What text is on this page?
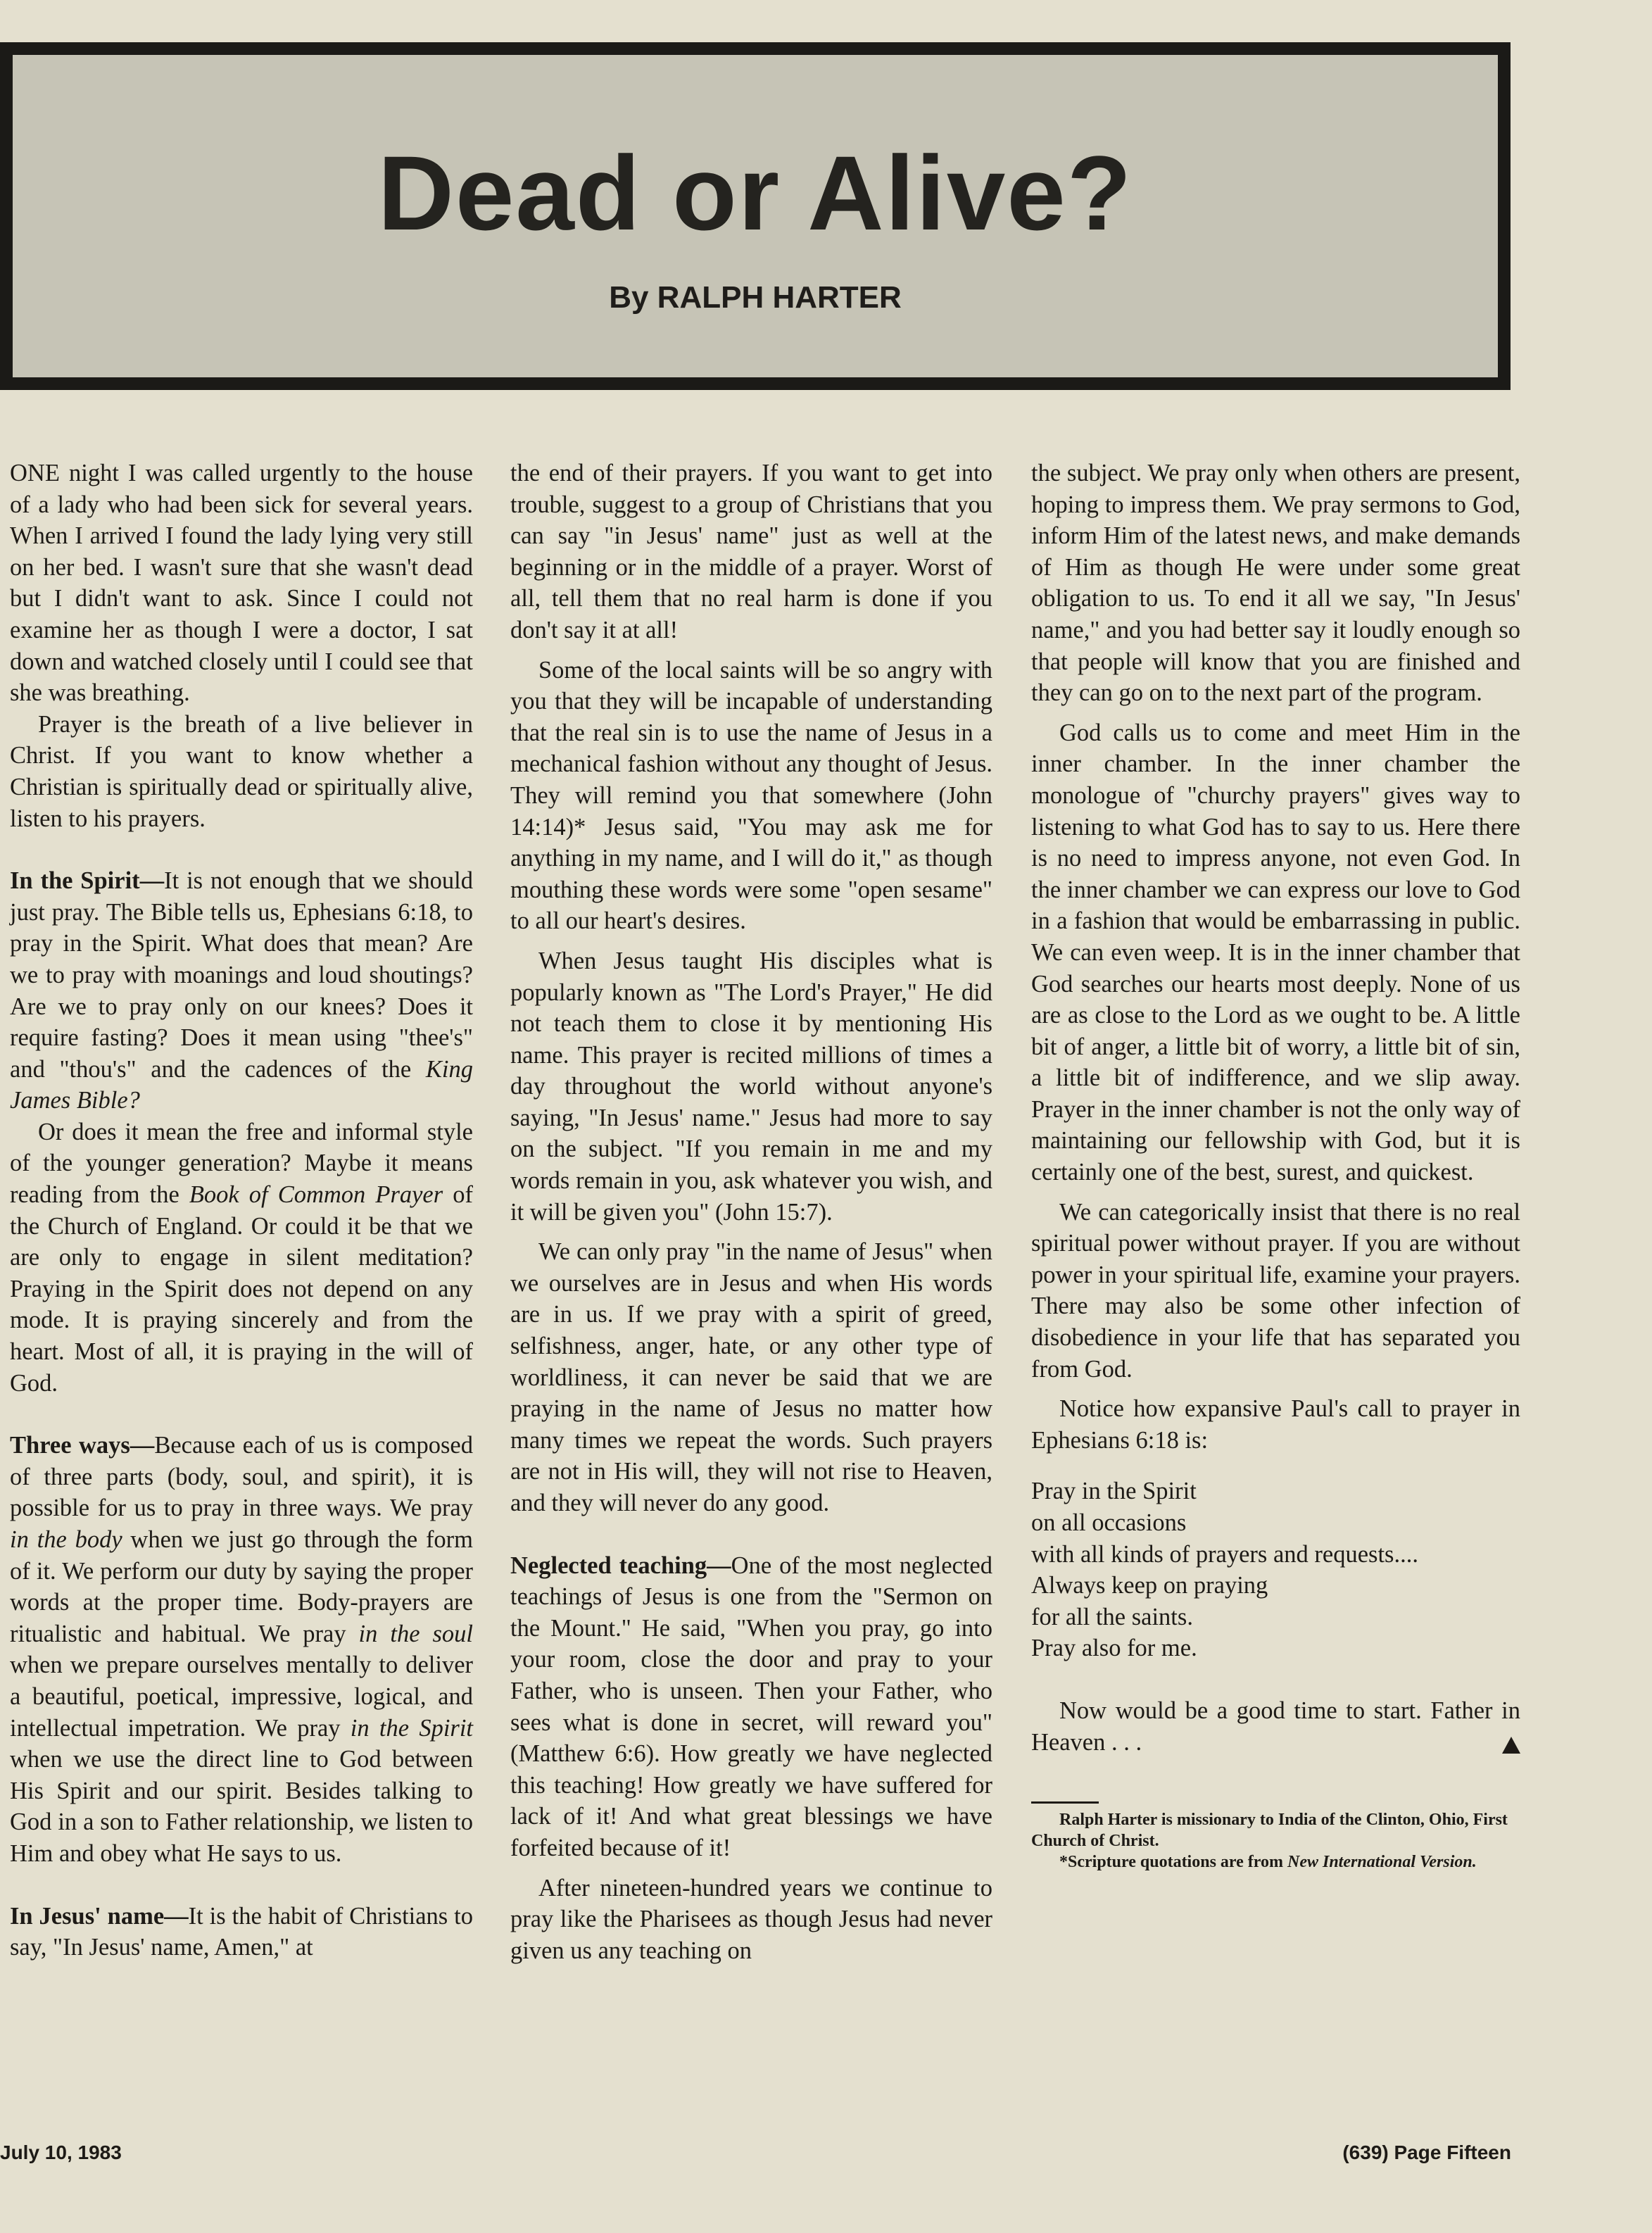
Dead or Alive?

By RALPH HARTER

ONE night I was called urgently to the house of a lady who had been sick for several years. When I arrived I found the lady lying very still on her bed. I wasn't sure that she wasn't dead but I didn't want to ask. Since I could not examine her as though I were a doctor, I sat down and watched closely until I could see that she was breathing.

Prayer is the breath of a live believer in Christ. If you want to know whether a Christian is spiritually dead or spiritually alive, listen to his prayers.

In the Spirit—It is not enough that we should just pray. The Bible tells us, Ephesians 6:18, to pray in the Spirit. What does that mean? Are we to pray with moanings and loud shoutings? Are we to pray only on our knees? Does it require fasting? Does it mean using "thee's" and "thou's" and the cadences of the King James Bible?

Or does it mean the free and informal style of the younger generation? Maybe it means reading from the Book of Common Prayer of the Church of England. Or could it be that we are only to engage in silent meditation? Praying in the Spirit does not depend on any mode. It is praying sincerely and from the heart. Most of all, it is praying in the will of God.

Three ways—Because each of us is composed of three parts (body, soul, and spirit), it is possible for us to pray in three ways. We pray in the body when we just go through the form of it. We perform our duty by saying the proper words at the proper time. Body-prayers are ritualistic and habitual. We pray in the soul when we prepare ourselves mentally to deliver a beautiful, poetical, impressive, logical, and intellectual impetration. We pray in the Spirit when we use the direct line to God between His Spirit and our spirit. Besides talking to God in a son to Father relationship, we listen to Him and obey what He says to us.

In Jesus' name—It is the habit of Christians to say, "In Jesus' name, Amen," at

the end of their prayers. If you want to get into trouble, suggest to a group of Christians that you can say "in Jesus' name" just as well at the beginning or in the middle of a prayer. Worst of all, tell them that no real harm is done if you don't say it at all!

Some of the local saints will be so angry with you that they will be incapable of understanding that the real sin is to use the name of Jesus in a mechanical fashion without any thought of Jesus. They will remind you that somewhere (John 14:14)* Jesus said, "You may ask me for anything in my name, and I will do it," as though mouthing these words were some "open sesame" to all our heart's desires.

When Jesus taught His disciples what is popularly known as "The Lord's Prayer," He did not teach them to close it by mentioning His name. This prayer is recited millions of times a day throughout the world without anyone's saying, "In Jesus' name." Jesus had more to say on the subject. "If you remain in me and my words remain in you, ask whatever you wish, and it will be given you" (John 15:7).

We can only pray "in the name of Jesus" when we ourselves are in Jesus and when His words are in us. If we pray with a spirit of greed, selfishness, anger, hate, or any other type of worldliness, it can never be said that we are praying in the name of Jesus no matter how many times we repeat the words. Such prayers are not in His will, they will not rise to Heaven, and they will never do any good.

Neglected teaching—One of the most neglected teachings of Jesus is one from the "Sermon on the Mount." He said, "When you pray, go into your room, close the door and pray to your Father, who is unseen. Then your Father, who sees what is done in secret, will reward you" (Matthew 6:6). How greatly we have neglected this teaching! How greatly we have suffered for lack of it! And what great blessings we have forfeited because of it!

After nineteen-hundred years we continue to pray like the Pharisees as though Jesus had never given us any teaching on

the subject. We pray only when others are present, hoping to impress them. We pray sermons to God, inform Him of the latest news, and make demands of Him as though He were under some great obligation to us. To end it all we say, "In Jesus' name," and you had better say it loudly enough so that people will know that you are finished and they can go on to the next part of the program.

God calls us to come and meet Him in the inner chamber. In the inner chamber the monologue of "churchy prayers" gives way to listening to what God has to say to us. Here there is no need to impress anyone, not even God. In the inner chamber we can express our love to God in a fashion that would be embarrassing in public. We can even weep. It is in the inner chamber that God searches our hearts most deeply. None of us are as close to the Lord as we ought to be. A little bit of anger, a little bit of worry, a little bit of sin, a little bit of indifference, and we slip away. Prayer in the inner chamber is not the only way of maintaining our fellowship with God, but it is certainly one of the best, surest, and quickest.

We can categorically insist that there is no real spiritual power without prayer. If you are without power in your spiritual life, examine your prayers. There may also be some other infection of disobedience in your life that has separated you from God.

Notice how expansive Paul's call to prayer in Ephesians 6:18 is:

Pray in the Spirit
on all occasions
with all kinds of prayers and requests....
Always keep on praying
for all the saints.
Pray also for me.

Now would be a good time to start. Father in Heaven . . .

Ralph Harter is missionary to India of the Clinton, Ohio, First Church of Christ.

*Scripture quotations are from New International Version.

July 10, 1983	(639) Page Fifteen
